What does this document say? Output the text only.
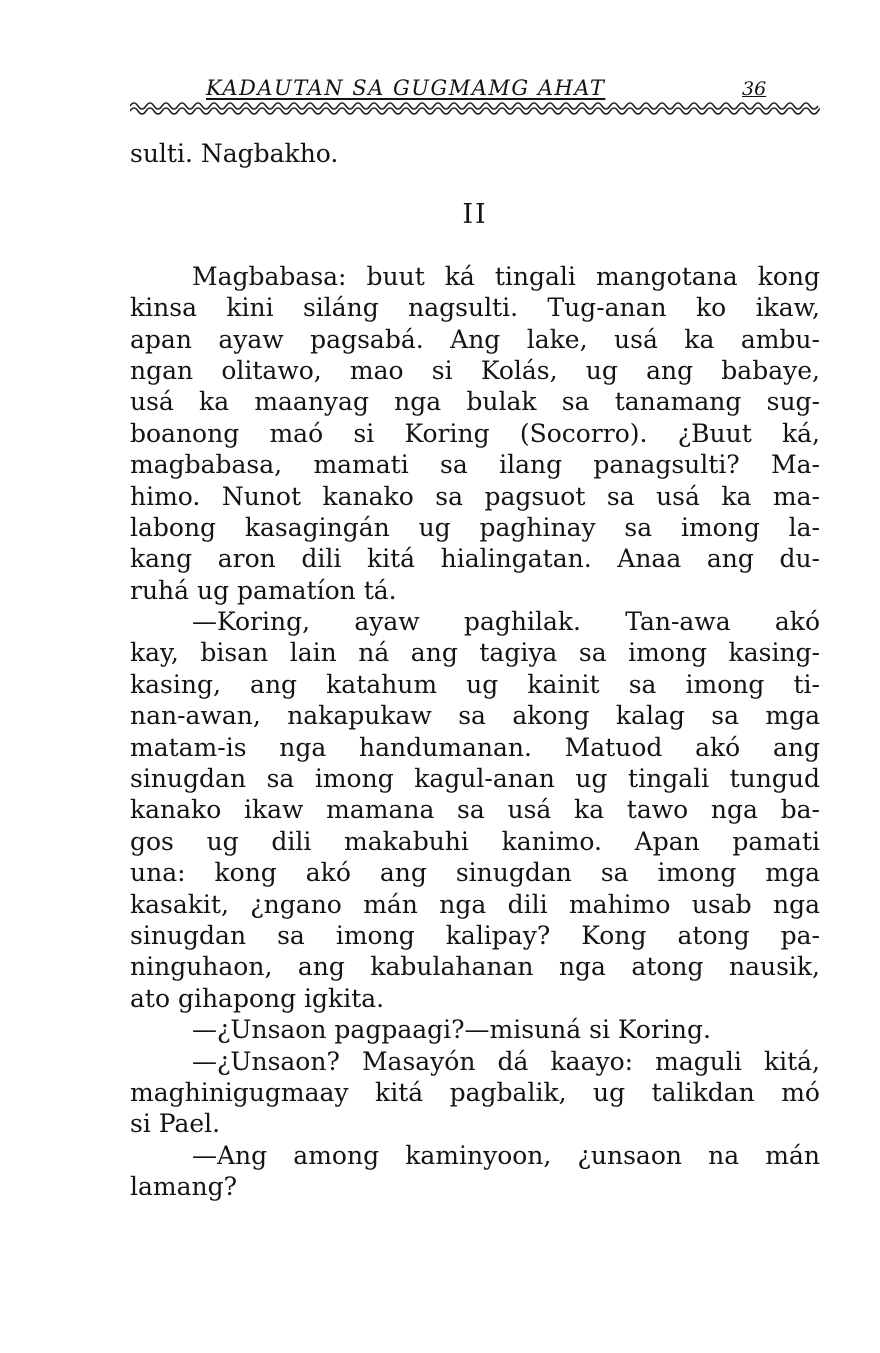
KADAUTAN SA GUGMAMG AHAT	36
sulti. Nagbakho.
II
Magbabasa: buut ká tingali mangotana kong
kinsa kini siláng nagsulti. Tug-anan ko ikaw,
apan ayaw pagsabá. Ang lake, usá ka ambu-
ngan olitawo, mao si Kolás, ug ang babaye,
usá ka maanyag nga bulak sa tanamang sug-
boanong maó si Koring (Socorro). ¿Buut ká,
magbabasa, mamati sa ilang panagsulti? Ma-
himo. Nunot kanako sa pagsuot sa usá ka ma-
labong kasagingán ug paghinay sa imong la-
kang aron dili kitá hialingatan. Anaa ang du-
ruhá ug pamatíon tá.
—Koring, ayaw paghilak. Tan-awa akó
kay, bisan lain ná ang tagiya sa imong kasing-
kasing, ang katahum ug kainit sa imong ti-
nan-awan, nakapukaw sa akong kalag sa mga
matam-is nga handumanan. Matuod akó ang
sinugdan sa imong kagul-anan ug tingali tungud
kanako ikaw mamana sa usá ka tawo nga ba-
gos ug dili makabuhi kanimo. Apan pamati
una: kong akó ang sinugdan sa imong mga
kasakit, ¿ngano mán nga dili mahimo usab nga
sinugdan sa imong kalipay? Kong atong pa-
ninguhaon, ang kabulahanan nga atong nausik,
ato gihapong igkita.
—¿Unsaon pagpaagi?—misuná si Koring.
—¿Unsaon? Masayón dá kaayo: maguli kitá,
maghinigugmaay kitá pagbalik, ug talikdan mó
si Pael.
—Ang among kaminyoon, ¿unsaon na mán
lamang?
